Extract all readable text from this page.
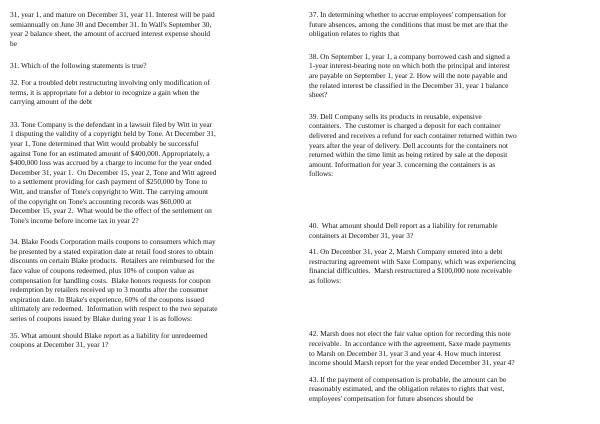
31, year 1, and mature on December 31, year 11. Interest will be paid
semiannually on June 30 and December 31. In Wall's September 30,
year 2 balance sheet, the amount of accrued interest expense should
be

31. Which of the following statements is true?

32. For a troubled debt restructuring involving only modification of
terms, it is appropriate for a debtor to recognize a gain when the
carrying amount of the debt

33. Tone Company is the defendant in a lawsuit filed by Witt in year
1 disputing the validity of a copyright held by Tone. At December 31,
year 1, Tone determined that Witt would probably be successful
against Tone for an estimated amount of $400,000. Appropriately, a
$400,000 loss was accrued by a charge to income for the year ended
December 31, year 1.  On December 15, year 2, Tone and Witt agreed
to a settlement providing for cash payment of $250,000 by Tone to
Witt, and transfer of Tone's copyright to Witt. The carrying amount
of the copyright on Tone's accounting records was $60,000 at
December 15, year 2.  What would be the effect of the settlement on
Tone's income before income tax in year 2?

34. Blake Foods Corporation mails coupons to consumers which may
be presented by a stated expiration date at retail food stores to obtain
discounts on certain Blake products.  Retailers are reimbursed for the
face value of coupons redeemed, plus 10% of coupon value as
compensation for handling costs.  Blake honors requests for coupon
redemption by retailers received up to 3 months after the consumer
expiration date. In Blake's experience, 60% of the coupons issued
ultimately are redeemed.  Information with respect to the two separate
series of coupons issued by Blake during year 1 is as follows:

35. What amount should Blake report as a liability for unredeemed
coupons at December 31, year 1?

37. In determining whether to accrue employees' compensation for
future absences, among the conditions that must be met are that the
obligation relates to rights that

38. On September 1, year 1, a company borrowed cash and signed a
1-year interest-bearing note on which both the principal and interest
are payable on September 1, year 2. How will the note payable and
the related interest be classified in the December 31, year 1 balance
sheet?

39. Dell Company sells its products in reusable, expensive
containers.  The customer is charged a deposit for each container
delivered and receives a refund for each container returned within two
years after the year of delivery. Dell accounts for the containers not
returned within the time limit as being retired by sale at the deposit
amount. Information for year 3. concerning the containers is as
follows:

40.  What amount should Dell report as a liability for returnable
containers at December 31, year 3?

41. On December 31, year 2, Marsh Company entered into a debt
restructuring agreement with Saxe Company, which was experiencing
financial difficulties.  Marsh restructured a $100,000 note receivable
as follows:

42. Marsh does not elect the fair value option for recording this note
receivable.  In accordance with the agreement, Saxe made payments
to Marsh on December 31, year 3 and year 4. How much interest
income should Marsh report for the year ended December 31, year 4?

43. If the payment of compensation is probable, the amount can be
reasonably estimated, and the obligation relates to rights that vest,
employees' compensation for future absences should be
